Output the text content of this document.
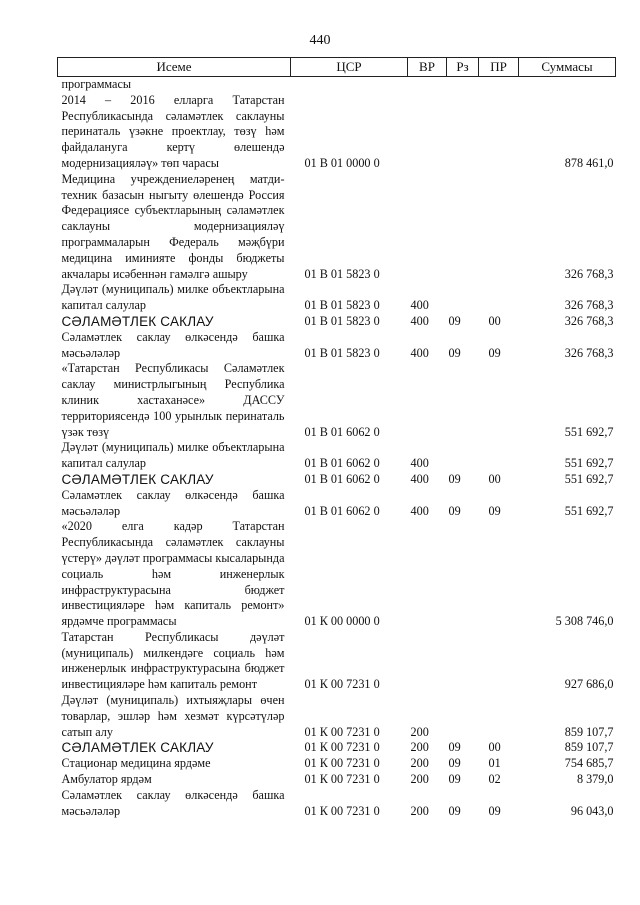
440
Исеме	ЦСР	ВР	Рз	ПР	Суммасы
программасы					
2014 – 2016 елларга Татарстан Республикасында сәламәтлек саклауны перинаталь үзәкне проектлау, төзү һәм файдалануга кертү өлешендә модернизацияләү» төп чарасы	01 В 01 0000 0				878 461,0
Медицина учреждениеләренең матди-техник базасын ныгыту өлешендә Россия Федерациясе субъектларының сәламәтлек саклауны модернизацияләү программаларын Федераль мәҗбүри медицина иминияте фонды бюджеты акчалары исәбеннән гамәлгә ашыру	01 В 01 5823 0				326 768,3
Дәүләт (муниципаль) милке объектларына капитал салулар	01 В 01 5823 0	400			326 768,3
СӘЛАМӘТЛЕК САКЛАУ	01 В 01 5823 0	400	09	00	326 768,3
Сәламәтлек саклау өлкәсендә башка мәсьәләләр	01 В 01 5823 0	400	09	09	326 768,3
«Татарстан Республикасы Сәламәтлек саклау министрлыгының Республика клиник хастаханәсе» ДАССУ территориясендә 100 урынлык перинаталь үзәк төзү	01 В 01 6062 0				551 692,7
Дәүләт (муниципаль) милке объектларына капитал салулар	01 В 01 6062 0	400			551 692,7
СӘЛАМӘТЛЕК САКЛАУ	01 В 01 6062 0	400	09	00	551 692,7
Сәламәтлек саклау өлкәсендә башка мәсьәләләр	01 В 01 6062 0	400	09	09	551 692,7
«2020 елга кадәр Татарстан Республикасында сәламәтлек саклауны үстерү» дәүләт программасы кысаларында социаль һәм инженерлык инфраструктурасына бюджет инвестицияләре һәм капиталь ремонт» ярдәмче программасы	01 К 00 0000 0				5 308 746,0
Татарстан Республикасы дәүләт (муниципаль) милкендәге социаль һәм инженерлык инфраструктурасына бюджет инвестицияләре һәм капиталь ремонт	01 К 00 7231 0				927 686,0
Дәүләт (муниципаль) ихтыяҗлары өчен товарлар, эшләр һәм хезмәт күрсәтүләр сатып алу	01 К 00 7231 0	200			859 107,7
СӘЛАМӘТЛЕК САКЛАУ	01 К 00 7231 0	200	09	00	859 107,7
Стационар медицина ярдәме	01 К 00 7231 0	200	09	01	754 685,7
Амбулатор ярдәм	01 К 00 7231 0	200	09	02	8 379,0
Сәламәтлек саклау өлкәсендә башка мәсьәләләр	01 К 00 7231 0	200	09	09	96 043,0
